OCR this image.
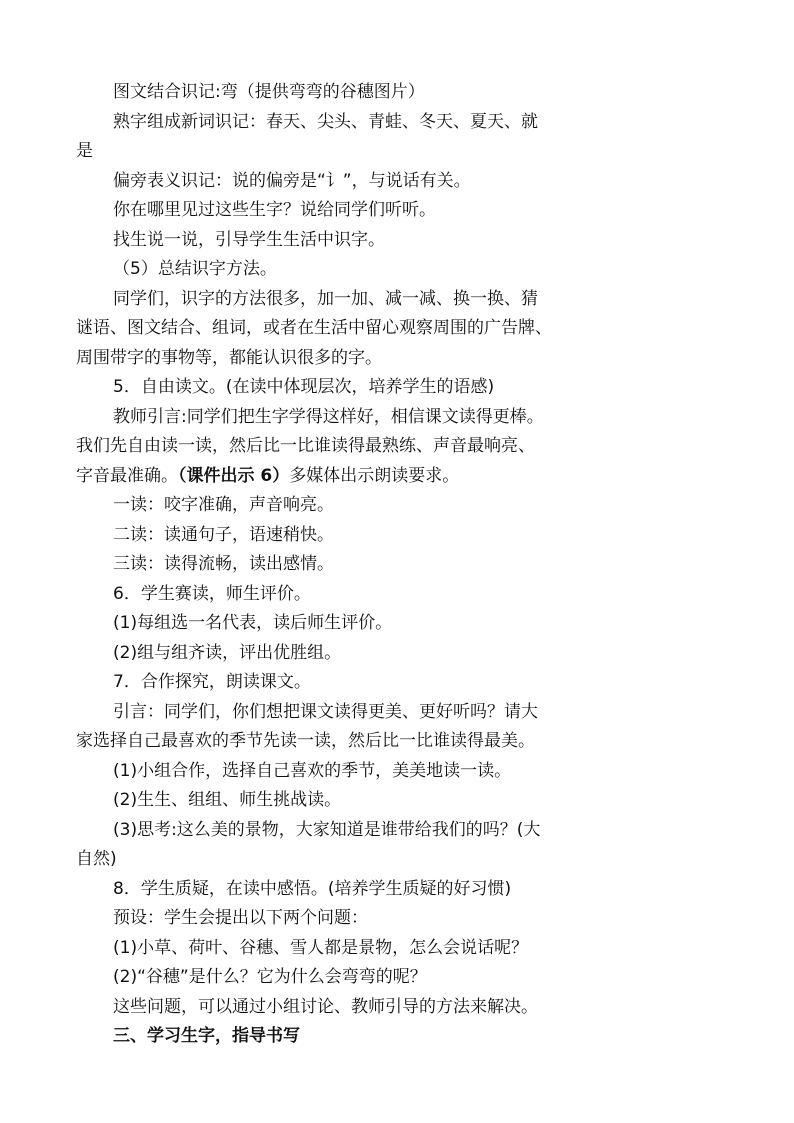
图文结合识记:弯（提供弯弯的谷穗图片）

熟字组成新词识记：春天、尖头、青蛙、冬天、夏天、就

是

偏旁表义识记：说的偏旁是“讠”，与说话有关。

你在哪里见过这些生字？说给同学们听听。

找生说一说，引导学生生活中识字。

（5）总结识字方法。

同学们，识字的方法很多，加一加、减一减、换一换、猜

谜语、图文结合、组词，或者在生活中留心观察周围的广告牌、

周围带字的事物等，都能认识很多的字。

5．自由读文。(在读中体现层次，培养学生的语感)

教师引言:同学们把生字学得这样好，相信课文读得更棒。

我们先自由读一读，然后比一比谁读得最熟练、声音最响亮、

字音最准确。（课件出示 6）多媒体出示朗读要求。

一读：咬字准确，声音响亮。

二读：读通句子，语速稍快。

三读：读得流畅，读出感情。

6．学生赛读，师生评价。

(1)每组选一名代表，读后师生评价。

(2)组与组齐读，评出优胜组。

7．合作探究，朗读课文。

引言：同学们，你们想把课文读得更美、更好听吗？请大

家选择自己最喜欢的季节先读一读，然后比一比谁读得最美。

(1)小组合作，选择自己喜欢的季节，美美地读一读。

(2)生生、组组、师生挑战读。

(3)思考:这么美的景物，大家知道是谁带给我们的吗？(大

自然)

8．学生质疑，在读中感悟。(培养学生质疑的好习惯)

预设：学生会提出以下两个问题：

(1)小草、荷叶、谷穗、雪人都是景物，怎么会说话呢？

(2)“谷穗”是什么？它为什么会弯弯的呢？

这些问题，可以通过小组讨论、教师引导的方法来解决。

三、学习生字，指导书写
